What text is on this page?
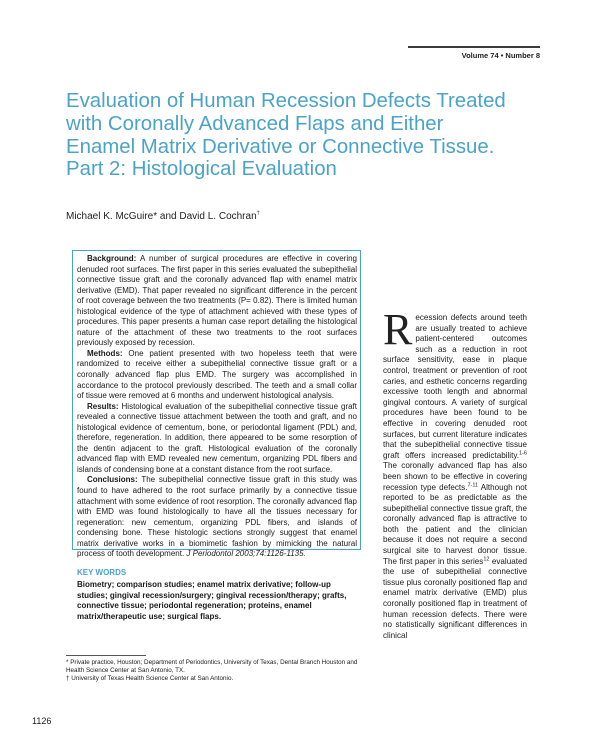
Volume 74 • Number 8
Evaluation of Human Recession Defects Treated with Coronally Advanced Flaps and Either Enamel Matrix Derivative or Connective Tissue. Part 2: Histological Evaluation
Michael K. McGuire* and David L. Cochran†

Background: A number of surgical procedures are effective in covering denuded root surfaces. The first paper in this series evaluated the subepithelial connective tissue graft and the coronally advanced flap with enamel matrix derivative (EMD). That paper revealed no significant difference in the percent of root coverage between the two treatments (P= 0.82). There is limited human histological evidence of the type of attachment achieved with these types of procedures. This paper presents a human case report detailing the histological nature of the attachment of these two treatments to the root surfaces previously exposed by recession.

Methods: One patient presented with two hopeless teeth that were randomized to receive either a subepithelial connective tissue graft or a coronally advanced flap plus EMD. The surgery was accomplished in accordance to the protocol previously described. The teeth and a small collar of tissue were removed at 6 months and underwent histological analysis.

Results: Histological evaluation of the subepithelial connective tissue graft revealed a connective tissue attachment between the tooth and graft, and no histological evidence of cementum, bone, or periodontal ligament (PDL) and, therefore, regeneration. In addition, there appeared to be some resorption of the dentin adjacent to the graft. Histological evaluation of the coronally advanced flap with EMD revealed new cementum, organizing PDL fibers and islands of condensing bone at a constant distance from the root surface.

Conclusions: The subepithelial connective tissue graft in this study was found to have adhered to the root surface primarily by a connective tissue attachment with some evidence of root resorption. The coronally advanced flap with EMD was found histologically to have all the tissues necessary for regeneration: new cementum, organizing PDL fibers, and islands of condensing bone. These histologic sections strongly suggest that enamel matrix derivative works in a biomimetic fashion by mimicking the natural process of tooth development. J Periodontol 2003;74:1126-1135.

KEY WORDS
Biometry; comparison studies; enamel matrix derivative; follow-up studies; gingival recession/surgery; gingival recession/therapy; grafts, connective tissue; periodontal regeneration; proteins, enamel matrix/therapeutic use; surgical flaps.

* Private practice, Houston; Department of Periodontics, University of Texas, Dental Branch Houston and Health Science Center at San Antonio, TX.

† University of Texas Health Science Center at San Antonio.

1126
Recession defects around teeth are usually treated to achieve patient-centered outcomes such as a reduction in root surface sensitivity, ease in plaque control, treatment or prevention of root caries, and esthetic concerns regarding excessive tooth length and abnormal gingival contours. A variety of surgical procedures have been found to be effective in covering denuded root surfaces, but current literature indicates that the subepithelial connective tissue graft offers increased predictability.$^{1-6}$ The coronally advanced flap has also been shown to be effective in covering recession type defects.$^{7-11}$ Although not reported to be as predictable as the subepithelial connective tissue graft, the coronally advanced flap is attractive to both the patient and the clinician because it does not require a second surgical site to harvest donor tissue. The first paper in this series$^{12}$ evaluated the use of subepithelial connective tissue plus coronally positioned flap and enamel matrix derivative (EMD) plus coronally positioned flap in treatment of human recession defects. There were no statistically significant differences in clinical
